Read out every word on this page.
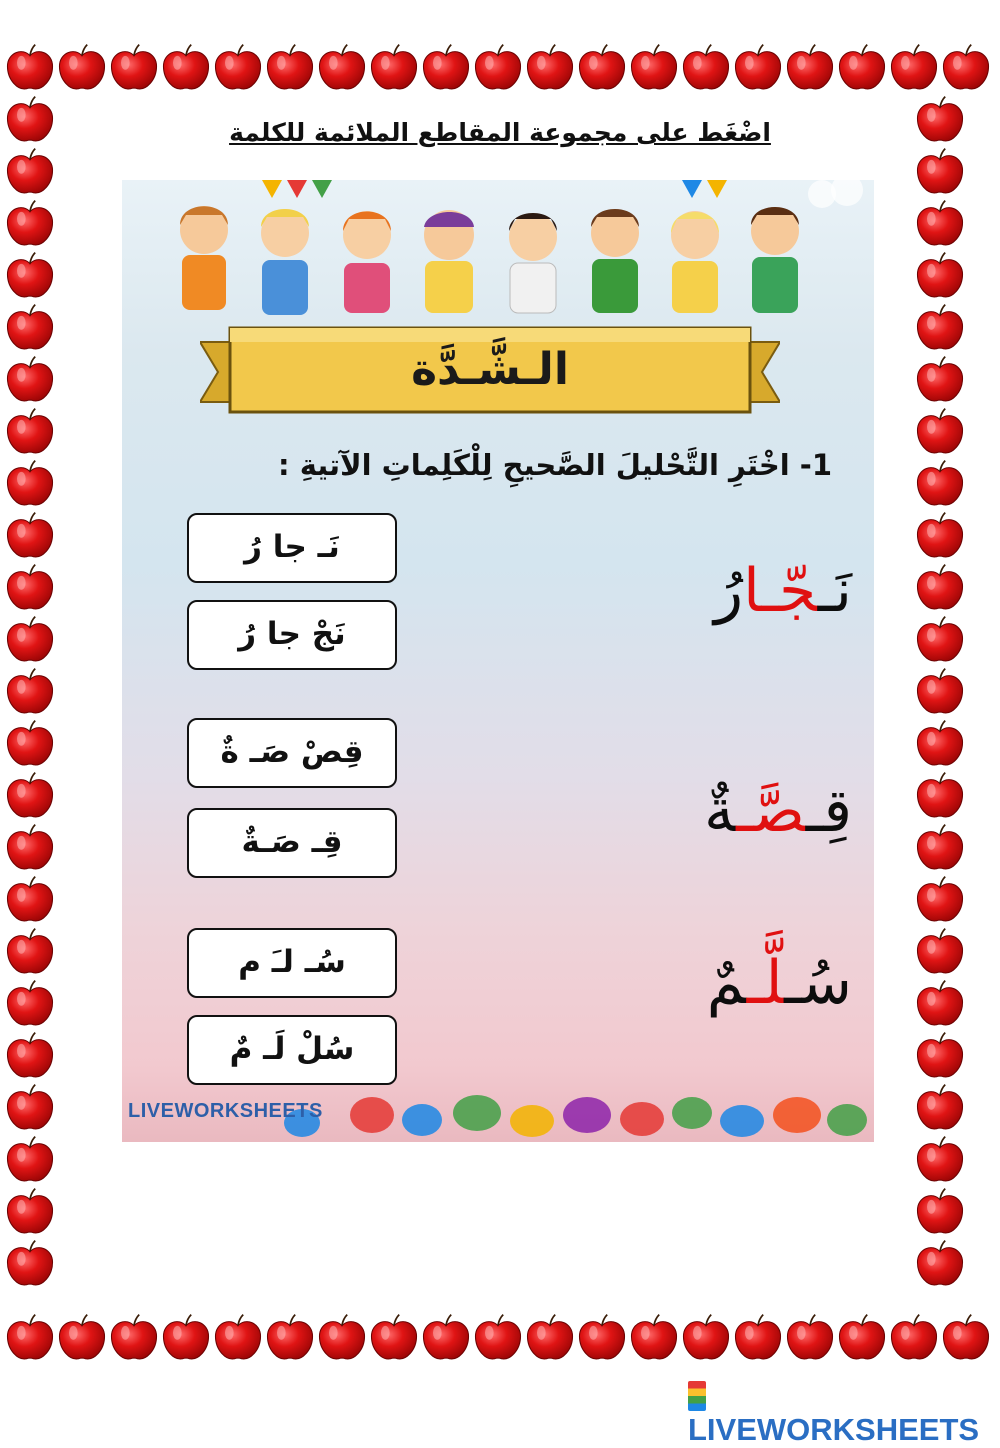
اضْغَط على مجموعة المقاطع الملائمة للكلمة
الـشَّـدَّة
1-اخْتَرِ التَّحْليلَ الصَّحيحِ لِلْكَلِماتِ الآتيةِ :
نَـجّـارُ
نَـ جا رُ
نَجْ جا رُ
قِـصَّـةٌ
قِصْ صَـ ةٌ
قِـ صَـةٌ
سُـلَّـمٌ
سُـ لـَ م
سُلْ لَـ مٌ
LIVEWORKSHEETS
LIVEWORKSHEETS
